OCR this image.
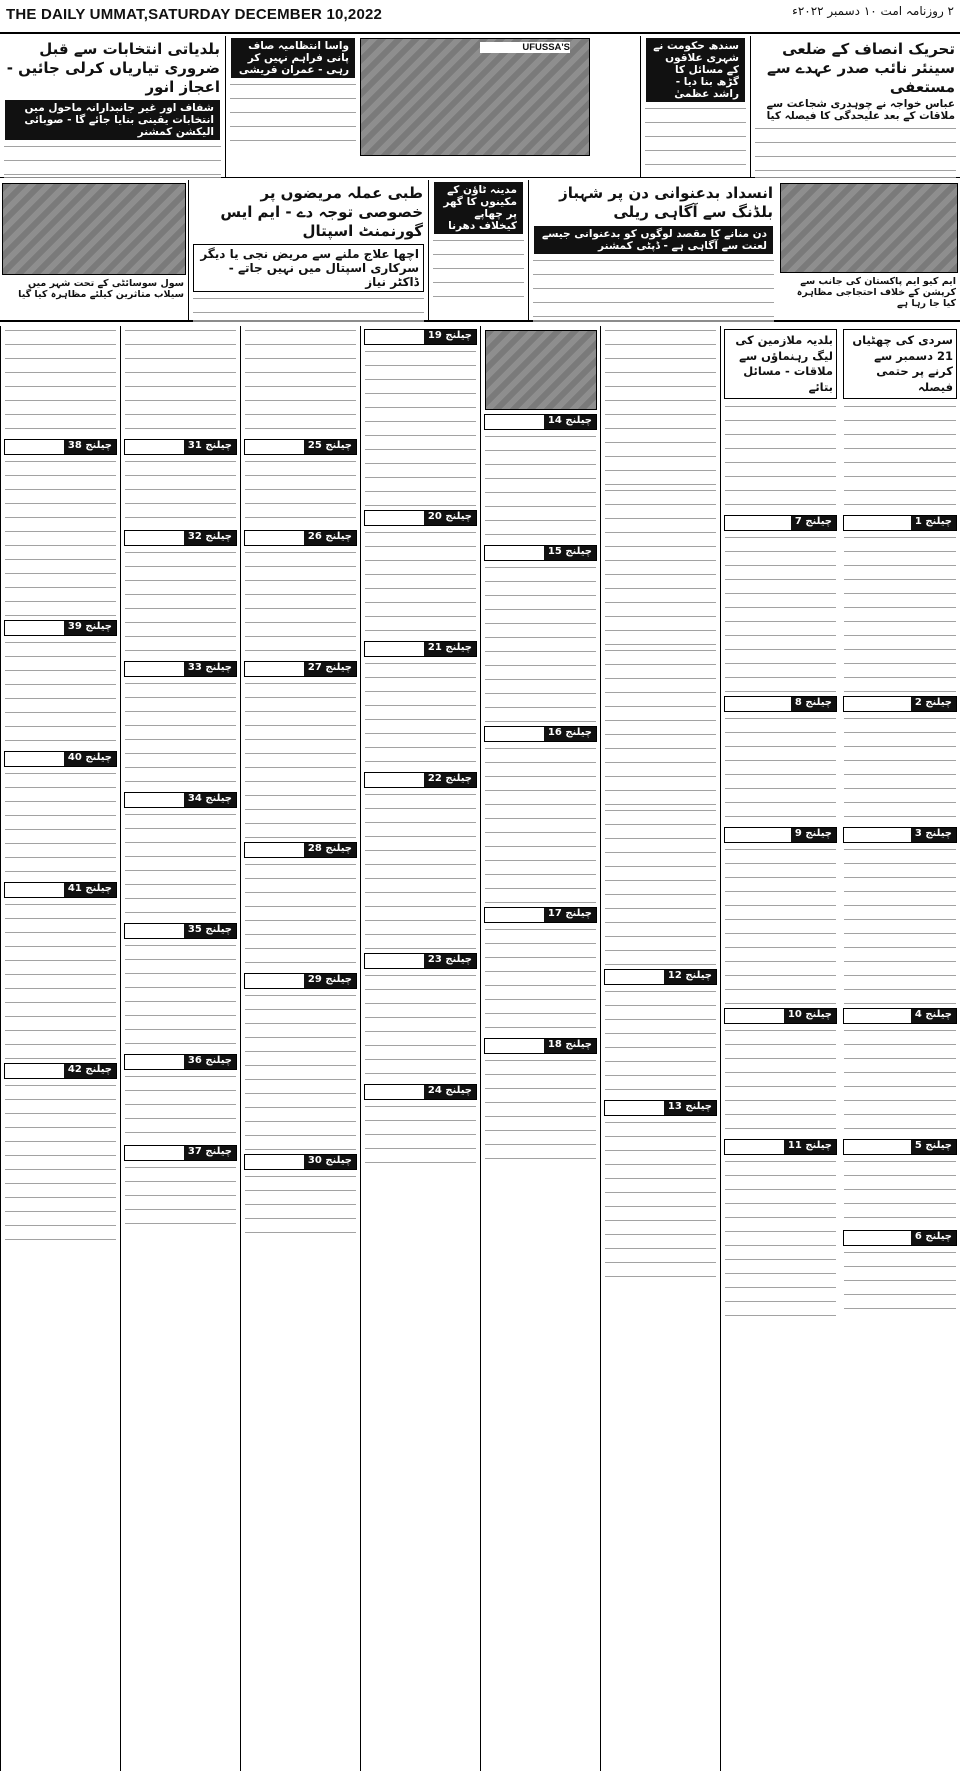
THE DAILY UMMAT,SATURDAY DECEMBER 10,2022	۲ روزنامہ امت ۱۰ دسمبر ۲۰۲۲ء
تحریک انصاف کے ضلعی سینئر نائب صدر عہدے سے مستعفی
عباس خواجہ نے چوہدری شجاعت سے ملاقات کے بعد علیحدگی کا فیصلہ کیا
سندھ حکومت نے شہری علاقوں کے مسائل کا گڑھ بنا دیا - راشد عظمیٰ
UFUSSA'S
واسا انتظامیہ صاف پانی فراہم نہیں کر رہی - عمران قریشی
بلدیاتی انتخابات سے قبل ضروری تیاریاں کرلی جائیں - اعجاز انور
شفاف اور غیر جانبدارانہ ماحول میں انتخابات یقینی بنایا جائے گا - صوبائی الیکشن کمشنر
ایم کیو ایم پاکستان کی جانب سے کرپشن کے خلاف احتجاجی مظاہرہ کیا جا رہا ہے
انسداد بدعنوانی دن پر شہباز بلڈنگ سے آگاہی ریلی
دن منانے کا مقصد لوگوں کو بدعنوانی جیسے لعنت سے آگاہی ہے - ڈپٹی کمشنر
مدینہ ٹاؤن کے مکینوں کا گھر پر چھاپے کیخلاف دھرنا
طبی عملہ مریضوں پر خصوصی توجہ دے - ایم ایس گورنمنٹ اسپتال
اچھا علاج ملنے سے مریض نجی یا دیگر سرکاری اسپتال میں نہیں جاتے - ڈاکٹر نیاز
سول سوسائٹی کے تحت شہر میں سیلاب متاثرین کیلئے مظاہرہ کیا گیا
سردی کی چھٹیاں 21 دسمبر سے کرنے پر حتمی فیصلہ
چیلنج 1
چیلنج 2
چیلنج 3
چیلنج 4
چیلنج 5
چیلنج 6
بلدیہ ملازمین کی لیگ رہنماؤں سے ملاقات - مسائل بتائے
چیلنج 7
چیلنج 8
چیلنج 9
چیلنج 10
چیلنج 11
چیلنج 12
چیلنج 13
چیلنج 14
چیلنج 15
چیلنج 16
چیلنج 17
چیلنج 18
چیلنج 19
چیلنج 20
چیلنج 21
چیلنج 22
چیلنج 23
چیلنج 24
چیلنج 25
چیلنج 26
چیلنج 27
چیلنج 28
چیلنج 29
چیلنج 30
چیلنج 31
چیلنج 32
چیلنج 33
چیلنج 34
چیلنج 35
چیلنج 36
چیلنج 37
چیلنج 38
چیلنج 39
چیلنج 40
چیلنج 41
چیلنج 42
